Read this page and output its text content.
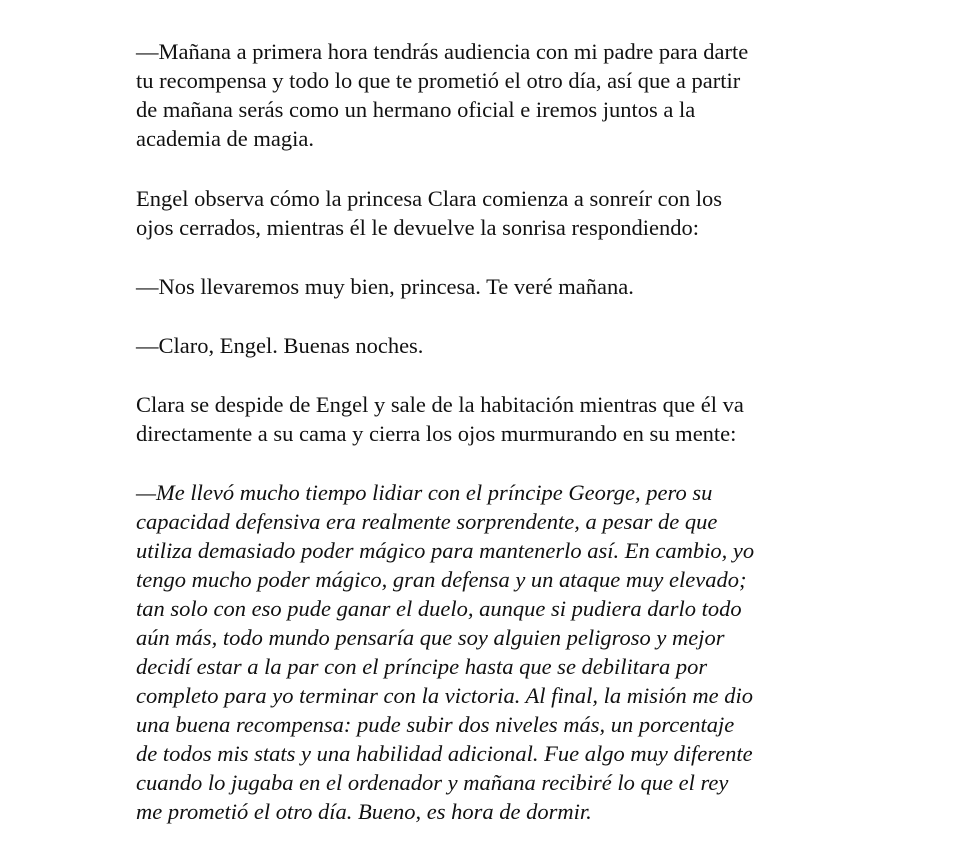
—Mañana a primera hora tendrás audiencia con mi padre para darte
tu recompensa y todo lo que te prometió el otro día, así que a partir
de mañana serás como un hermano oficial e iremos juntos a la
academia de magia.

Engel observa cómo la princesa Clara comienza a sonreír con los
ojos cerrados, mientras él le devuelve la sonrisa respondiendo:

—Nos llevaremos muy bien, princesa. Te veré mañana.

—Claro, Engel. Buenas noches.

Clara se despide de Engel y sale de la habitación mientras que él va
directamente a su cama y cierra los ojos murmurando en su mente:

—Me llevó mucho tiempo lidiar con el príncipe George, pero su
capacidad defensiva era realmente sorprendente, a pesar de que
utiliza demasiado poder mágico para mantenerlo así. En cambio, yo
tengo mucho poder mágico, gran defensa y un ataque muy elevado;
tan solo con eso pude ganar el duelo, aunque si pudiera darlo todo
aún más, todo mundo pensaría que soy alguien peligroso y mejor
decidí estar a la par con el príncipe hasta que se debilitara por
completo para yo terminar con la victoria. Al final, la misión me dio
una buena recompensa: pude subir dos niveles más, un porcentaje
de todos mis stats y una habilidad adicional. Fue algo muy diferente
cuando lo jugaba en el ordenador y mañana recibiré lo que el rey
me prometió el otro día. Bueno, es hora de dormir.
